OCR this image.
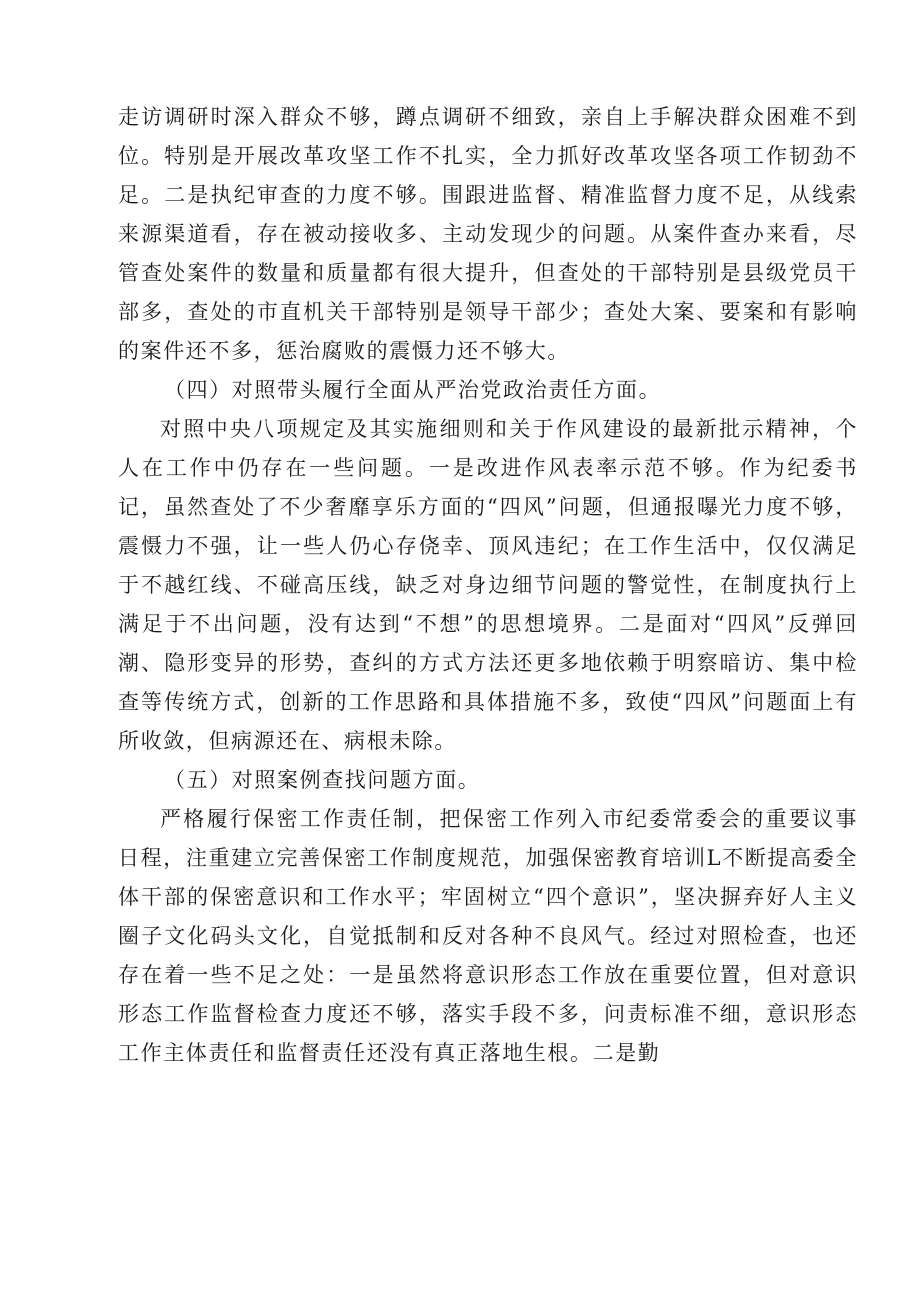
走访调研时深入群众不够，蹲点调研不细致，亲自上手解决群众困难不到位。特别是开展改革攻坚工作不扎实，全力抓好改革攻坚各项工作韧劲不足。二是执纪审查的力度不够。围跟进监督、精准监督力度不足，从线索来源渠道看，存在被动接收多、主动发现少的问题。从案件查办来看，尽管查处案件的数量和质量都有很大提升，但查处的干部特别是县级党员干部多，查处的市直机关干部特别是领导干部少；查处大案、要案和有影响的案件还不多，惩治腐败的震慑力还不够大。

（四）对照带头履行全面从严治党政治责任方面。

对照中央八项规定及其实施细则和关于作风建设的最新批示精神，个人在工作中仍存在一些问题。一是改进作风表率示范不够。作为纪委书记，虽然查处了不少奢靡享乐方面的“四风”问题，但通报曝光力度不够，震慑力不强，让一些人仍心存侥幸、顶风违纪；在工作生活中，仅仅满足于不越红线、不碰高压线，缺乏对身边细节问题的警觉性，在制度执行上满足于不出问题，没有达到“不想”的思想境界。二是面对“四风”反弹回潮、隐形变异的形势，查纠的方式方法还更多地依赖于明察暗访、集中检查等传统方式，创新的工作思路和具体措施不多，致使“四风”问题面上有所收敛，但病源还在、病根未除。

（五）对照案例查找问题方面。

严格履行保密工作责任制，把保密工作列入市纪委常委会的重要议事日程，注重建立完善保密工作制度规范，加强保密教育培训L不断提高委全体干部的保密意识和工作水平；牢固树立“四个意识”，坚决摒弃好人主义圈子文化码头文化，自觉抵制和反对各种不良风气。经过对照检查，也还存在着一些不足之处：一是虽然将意识形态工作放在重要位置，但对意识形态工作监督检查力度还不够，落实手段不多，问责标准不细，意识形态工作主体责任和监督责任还没有真正落地生根。二是勤
